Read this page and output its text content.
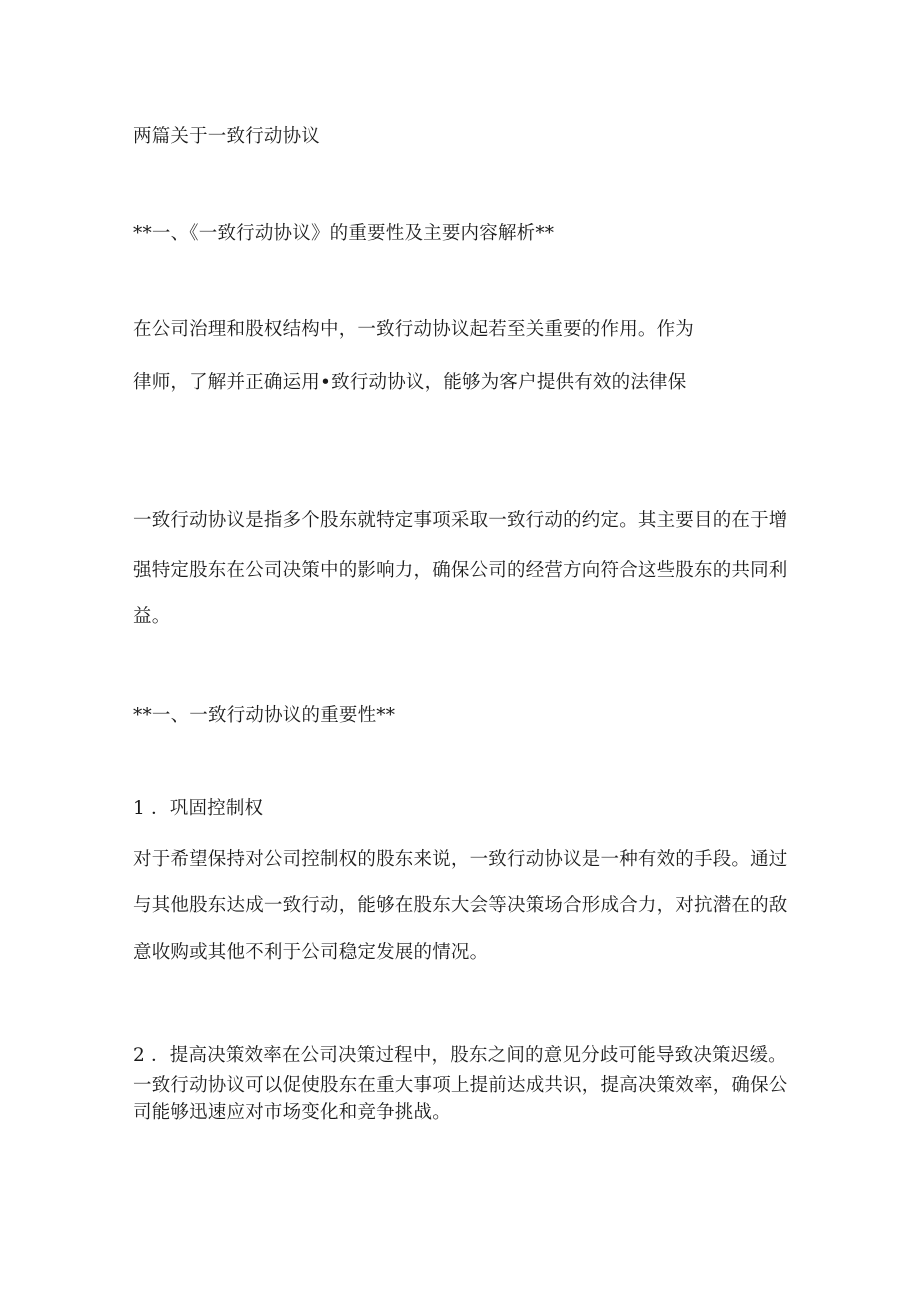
两篇关于一致行动协议
**一、《一致行动协议》的重要性及主要内容解析**
在公司治理和股权结构中，一致行动协议起若至关重要的作用。作为
律师，了解并正确运用•致行动协议，能够为客户提供有效的法律保
一致行动协议是指多个股东就特定事项采取一致行动的约定。其主要目的在于增
强特定股东在公司决策中的影响力，确保公司的经营方向符合这些股东的共同利
益。
**一、一致行动协议的重要性**
1 ．巩固控制权
对于希望保持对公司控制权的股东来说，一致行动协议是一种有效的手段。通过
与其他股东达成一致行动，能够在股东大会等决策场合形成合力，对抗潜在的敌
意收购或其他不利于公司稳定发展的情况。
2 ．提高决策效率在公司决策过程中，股东之间的意见分歧可能导致决策迟缓。
一致行动协议可以促使股东在重大事项上提前达成共识，提高决策效率，确保公
司能够迅速应对市场变化和竞争挑战。
